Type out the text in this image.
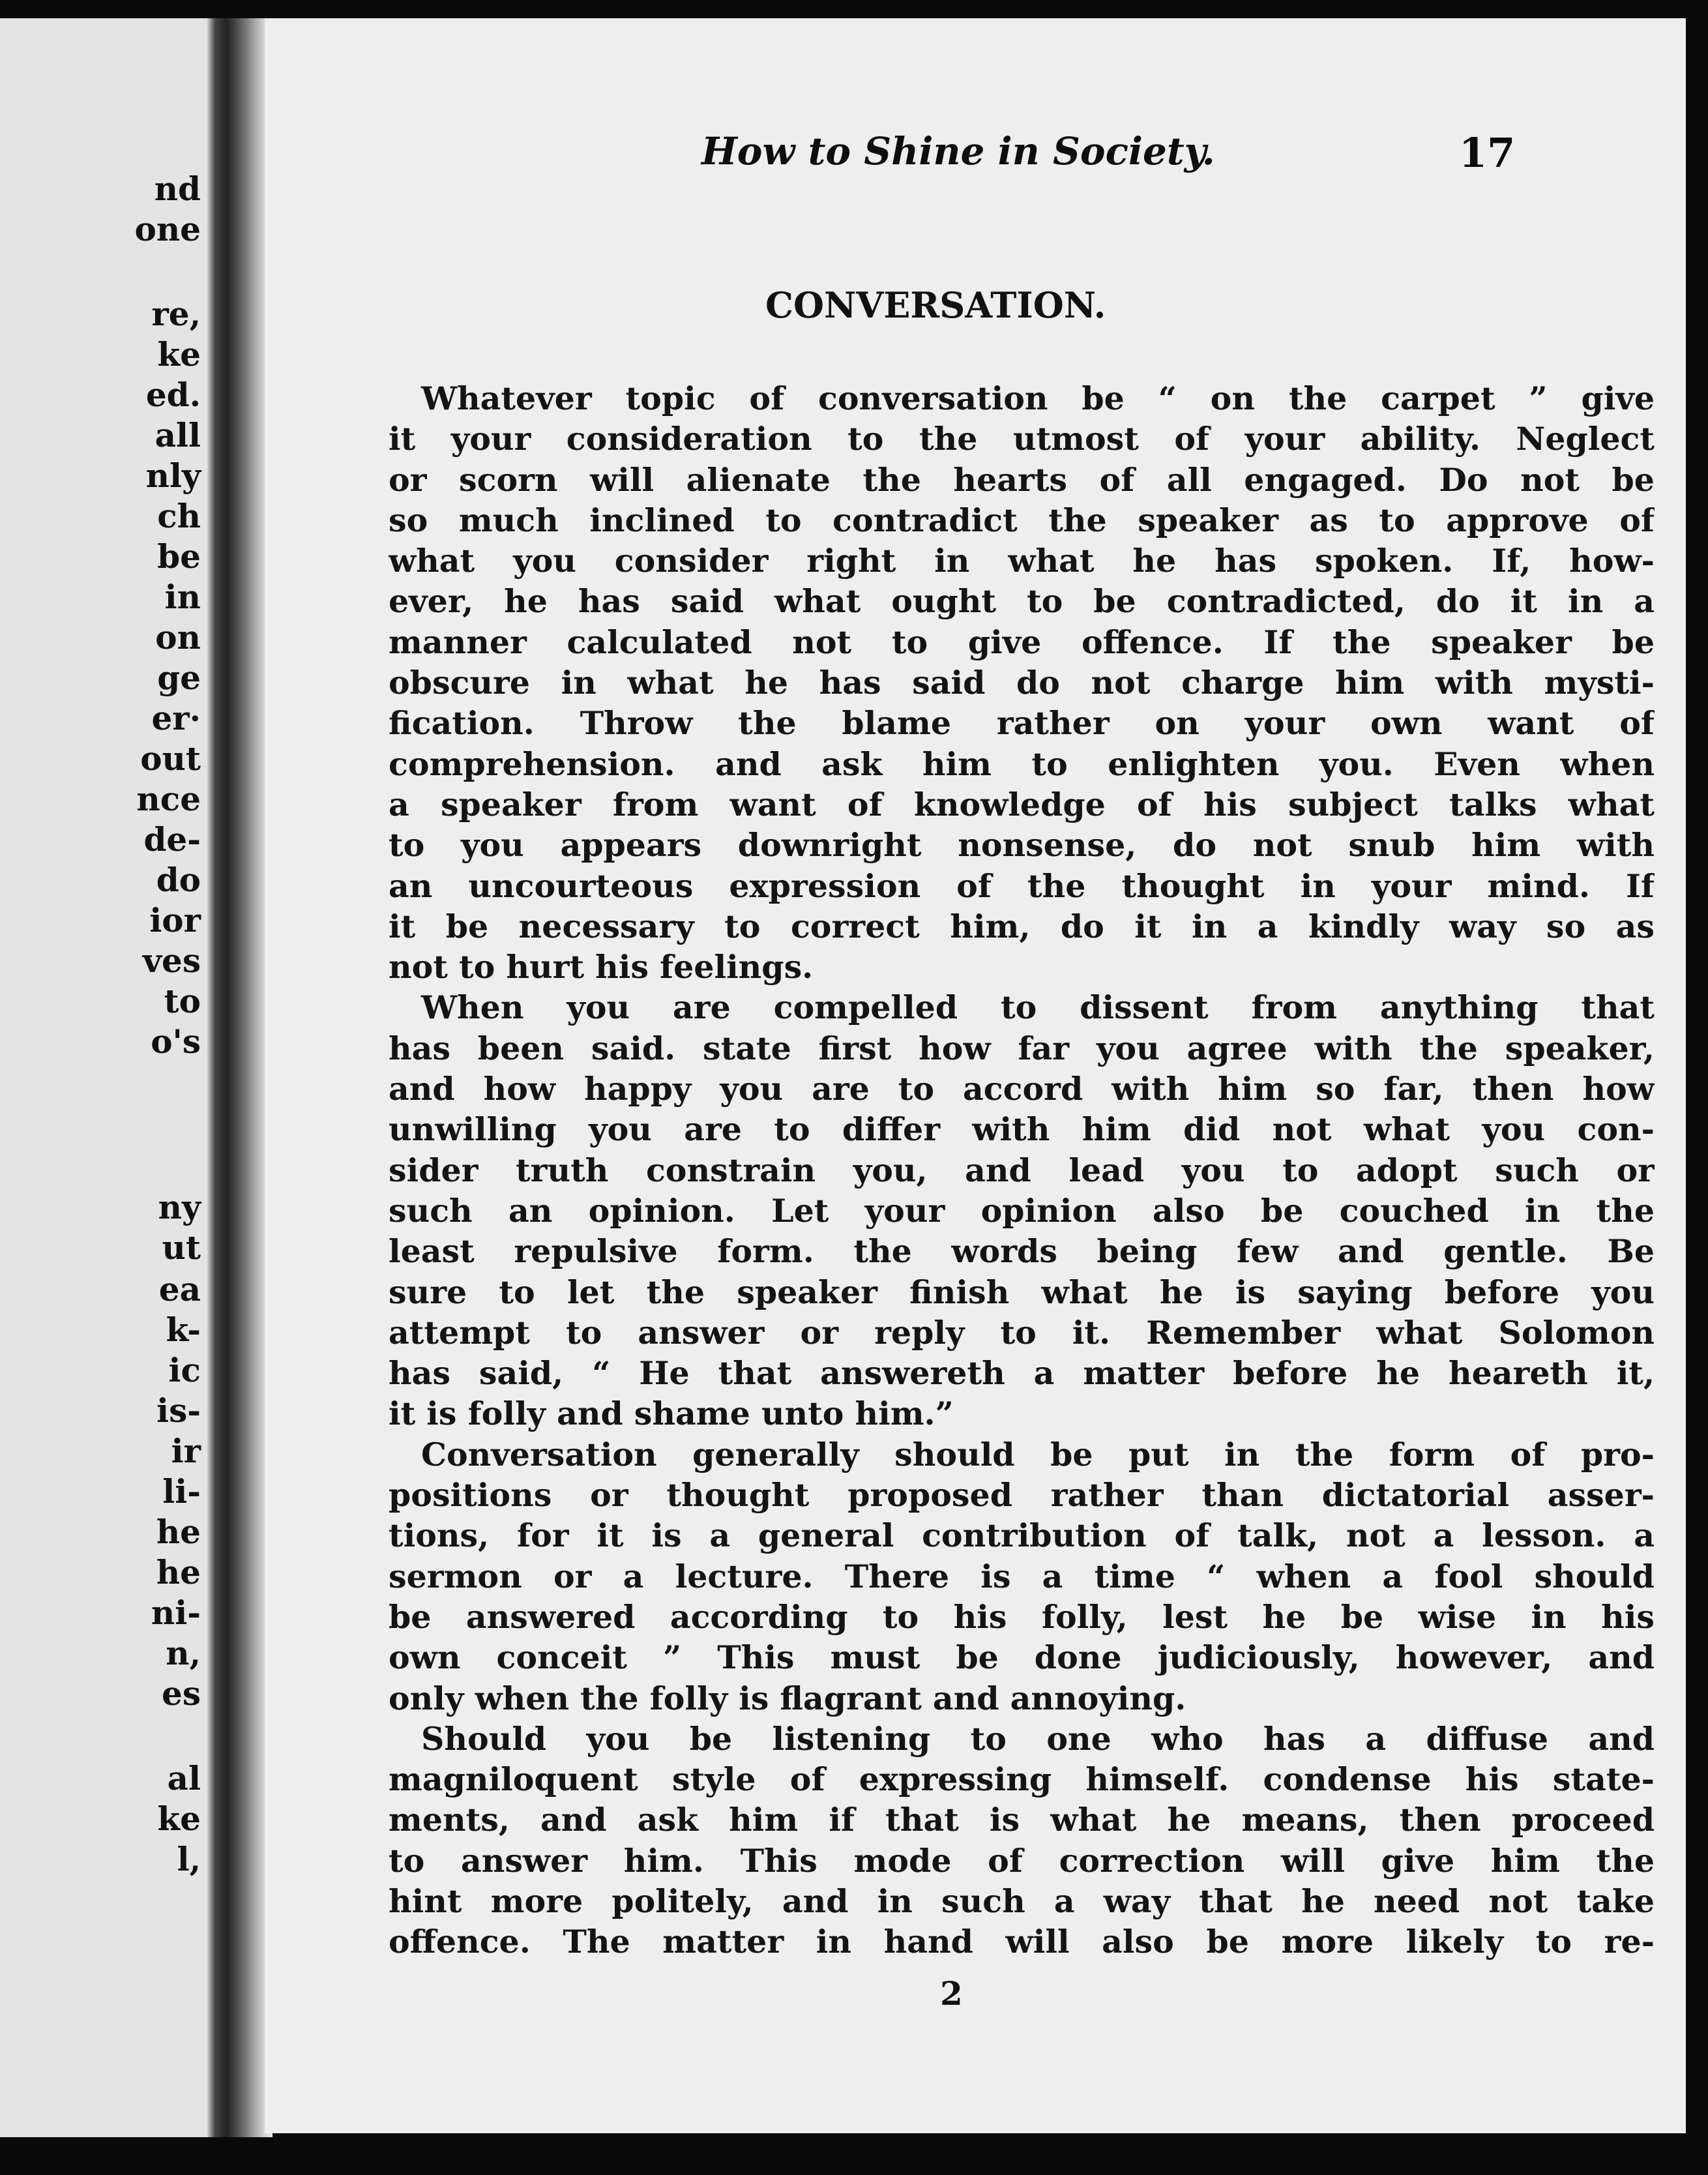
nd

one

re,

ke

ed.

all

nly

ch

be

in

on

ge

er·

out

nce

de-

do

ior

ves

to

o's

ny

ut

ea

k-

ic

is-

ir

li-

he

he

ni-

n,

es

al

ke

l,

How to Shine in Society.	17

CONVERSATION.
Whatever topic of conversation be “ on the carpet ” give
it your consideration to the utmost of your ability. Neglect
or scorn will alienate the hearts of all engaged. Do not be
so much inclined to contradict the speaker as to approve of
what you consider right in what he has spoken. If, how-
ever, he has said what ought to be contradicted, do it in a
manner calculated not to give offence. If the speaker be
obscure in what he has said do not charge him with mysti-
fication. Throw the blame rather on your own want of
comprehension. and ask him to enlighten you. Even when
a speaker from want of knowledge of his subject talks what
to you appears downright nonsense, do not snub him with
an uncourteous expression of the thought in your mind. If
it be necessary to correct him, do it in a kindly way so as
not to hurt his feelings.
When you are compelled to dissent from anything that
has been said. state first how far you agree with the speaker,
and how happy you are to accord with him so far, then how
unwilling you are to differ with him did not what you con-
sider truth constrain you, and lead you to adopt such or
such an opinion. Let your opinion also be couched in the
least repulsive form. the words being few and gentle. Be
sure to let the speaker finish what he is saying before you
attempt to answer or reply to it. Remember what Solomon
has said, “ He that answereth a matter before he heareth it,
it is folly and shame unto him.”
Conversation generally should be put in the form of pro-
positions or thought proposed rather than dictatorial asser-
tions, for it is a general contribution of talk, not a lesson. a
sermon or a lecture. There is a time “ when a fool should
be answered according to his folly, lest he be wise in his
own conceit ” This must be done judiciously, however, and
only when the folly is flagrant and annoying.
Should you be listening to one who has a diffuse and
magniloquent style of expressing himself. condense his state-
ments, and ask him if that is what he means, then proceed
to answer him. This mode of correction will give him the
hint more politely, and in such a way that he need not take
offence. The matter in hand will also be more likely to re-

2
